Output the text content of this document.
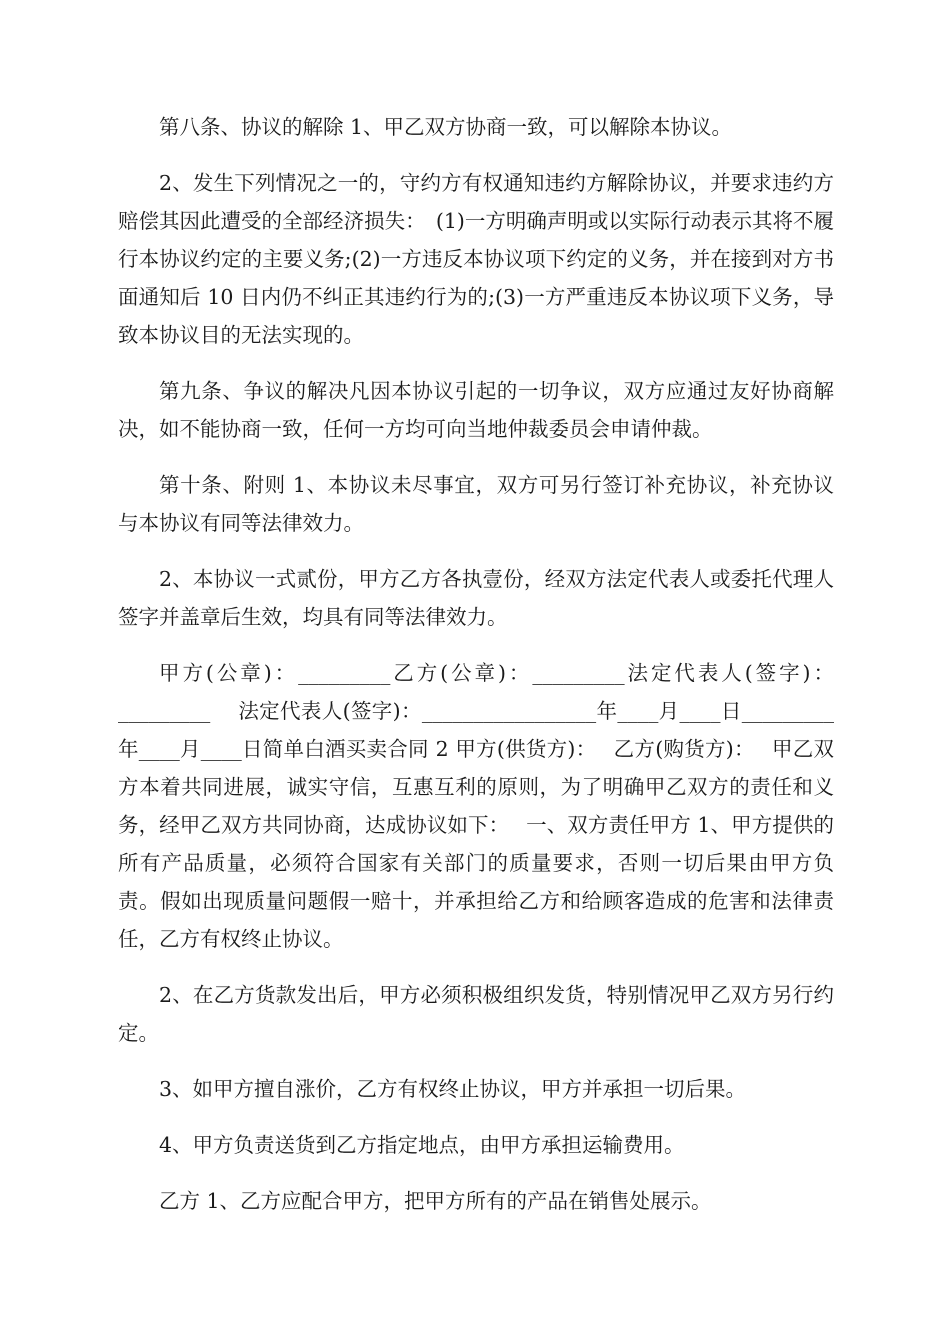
第八条、协议的解除 1、甲乙双方协商一致，可以解除本协议。

2、发生下列情况之一的，守约方有权通知违约方解除协议，并要求违约方赔偿其因此遭受的全部经济损失：　(1)一方明确声明或以实际行动表示其将不履行本协议约定的主要义务;(2)一方违反本协议项下约定的义务，并在接到对方书面通知后 10 日内仍不纠正其违约行为的;(3)一方严重违反本协议项下义务，导致本协议目的无法实现的。

第九条、争议的解决凡因本协议引起的一切争议，双方应通过友好协商解决，如不能协商一致，任何一方均可向当地仲裁委员会申请仲裁。

第十条、附则 1、本协议未尽事宜，双方可另行签订补充协议，补充协议与本协议有同等法律效力。

2、本协议一式贰份，甲方乙方各执壹份，经双方法定代表人或委托代理人签字并盖章后生效，均具有同等法律效力。

甲方(公章)：_________乙方(公章)：_________法定代表人(签字)：_________　 法定代表人(签字)：_________________年____月____日_________年____月____日简单白酒买卖合同 2 甲方(供货方)：　 乙方(购货方)：　 甲乙双方本着共同进展，诚实守信，互惠互利的原则，为了明确甲乙双方的责任和义务，经甲乙双方共同协商，达成协议如下：　 一、双方责任甲方 1、甲方提供的所有产品质量，必须符合国家有关部门的质量要求，否则一切后果由甲方负责。假如出现质量问题假一赔十，并承担给乙方和给顾客造成的危害和法律责任，乙方有权终止协议。

2、在乙方货款发出后，甲方必须积极组织发货，特别情况甲乙双方另行约定。

3、如甲方擅自涨价，乙方有权终止协议，甲方并承担一切后果。

4、甲方负责送货到乙方指定地点，由甲方承担运输费用。

乙方 1、乙方应配合甲方，把甲方所有的产品在销售处展示。
